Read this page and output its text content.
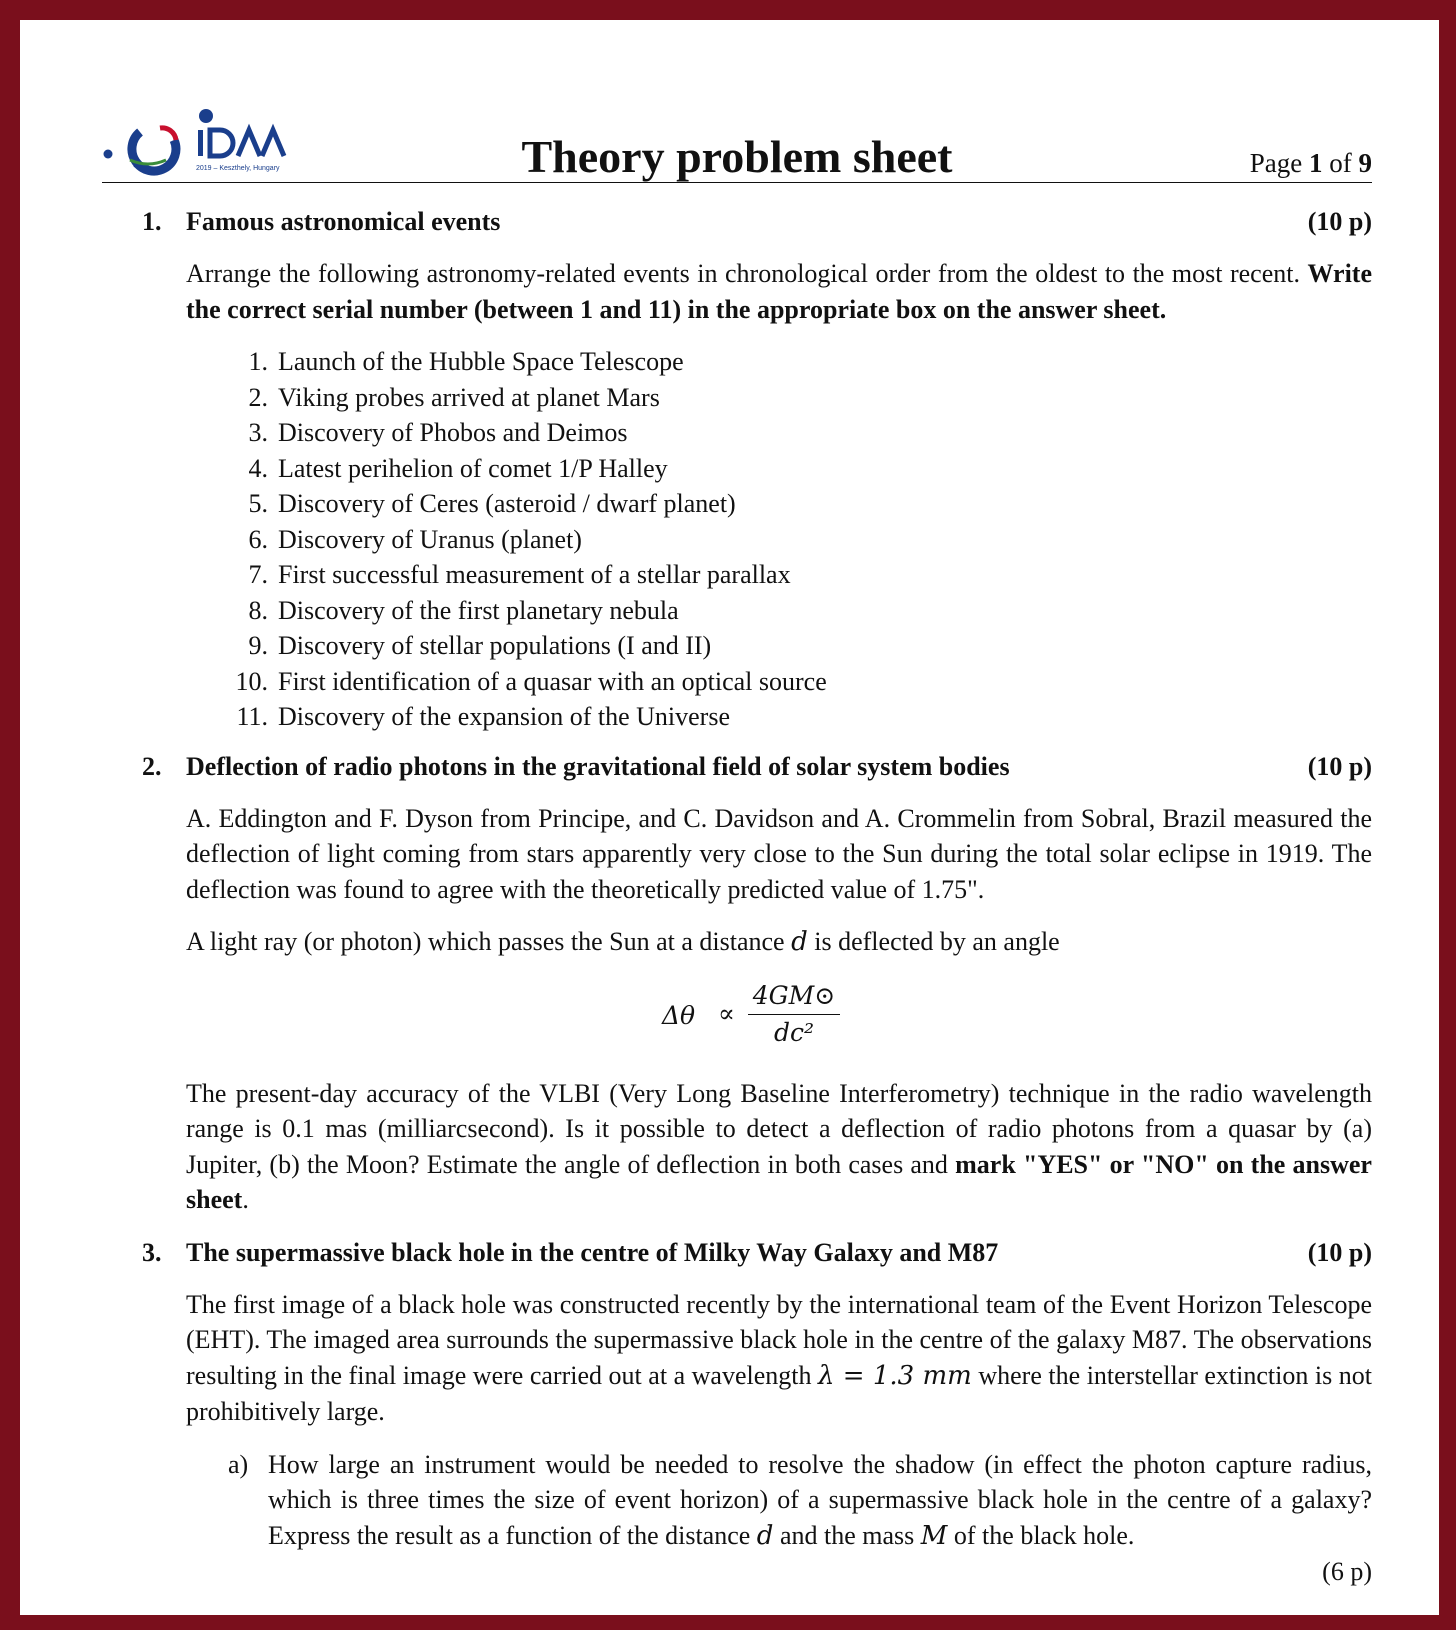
2019 – Keszthely, Hungary	Theory problem sheet	Page 1 of 9
1. Famous astronomical events	(10 p)

Arrange the following astronomy-related events in chronological order from the oldest to the most recent. Write the correct serial number (between 1 and 11) in the appropriate box on the answer sheet.

1. Launch of the Hubble Space Telescope
2. Viking probes arrived at planet Mars
3. Discovery of Phobos and Deimos
4. Latest perihelion of comet 1/P Halley
5. Discovery of Ceres (asteroid / dwarf planet)
6. Discovery of Uranus (planet)
7. First successful measurement of a stellar parallax
8. Discovery of the first planetary nebula
9. Discovery of stellar populations (I and II)
10. First identification of a quasar with an optical source
11. Discovery of the expansion of the Universe
2. Deflection of radio photons in the gravitational field of solar system bodies	(10 p)

A. Eddington and F. Dyson from Principe, and C. Davidson and A. Crommelin from Sobral, Brazil measured the deflection of light coming from stars apparently very close to the Sun during the total solar eclipse in 1919. The deflection was found to agree with the theoretically predicted value of 1.75".

A light ray (or photon) which passes the Sun at a distance d is deflected by an angle

Δθ ∝
4GM⊙
dc²

The present-day accuracy of the VLBI (Very Long Baseline Interferometry) technique in the radio wavelength range is 0.1 mas (milliarcsecond). Is it possible to detect a deflection of radio photons from a quasar by (a) Jupiter, (b) the Moon? Estimate the angle of deflection in both cases and mark "YES" or "NO" on the answer sheet.

3. The supermassive black hole in the centre of Milky Way Galaxy and M87	(10 p)

The first image of a black hole was constructed recently by the international team of the Event Horizon Telescope (EHT). The imaged area surrounds the supermassive black hole in the centre of the galaxy M87. The observations resulting in the final image were carried out at a wavelength λ = 1.3 mm where the interstellar extinction is not prohibitively large.

a) How large an instrument would be needed to resolve the shadow (in effect the photon capture radius, which is three times the size of event horizon) of a supermassive black hole in the centre of a galaxy? Express the result as a function of the distance d and the mass M of the black hole.
(6 p)
